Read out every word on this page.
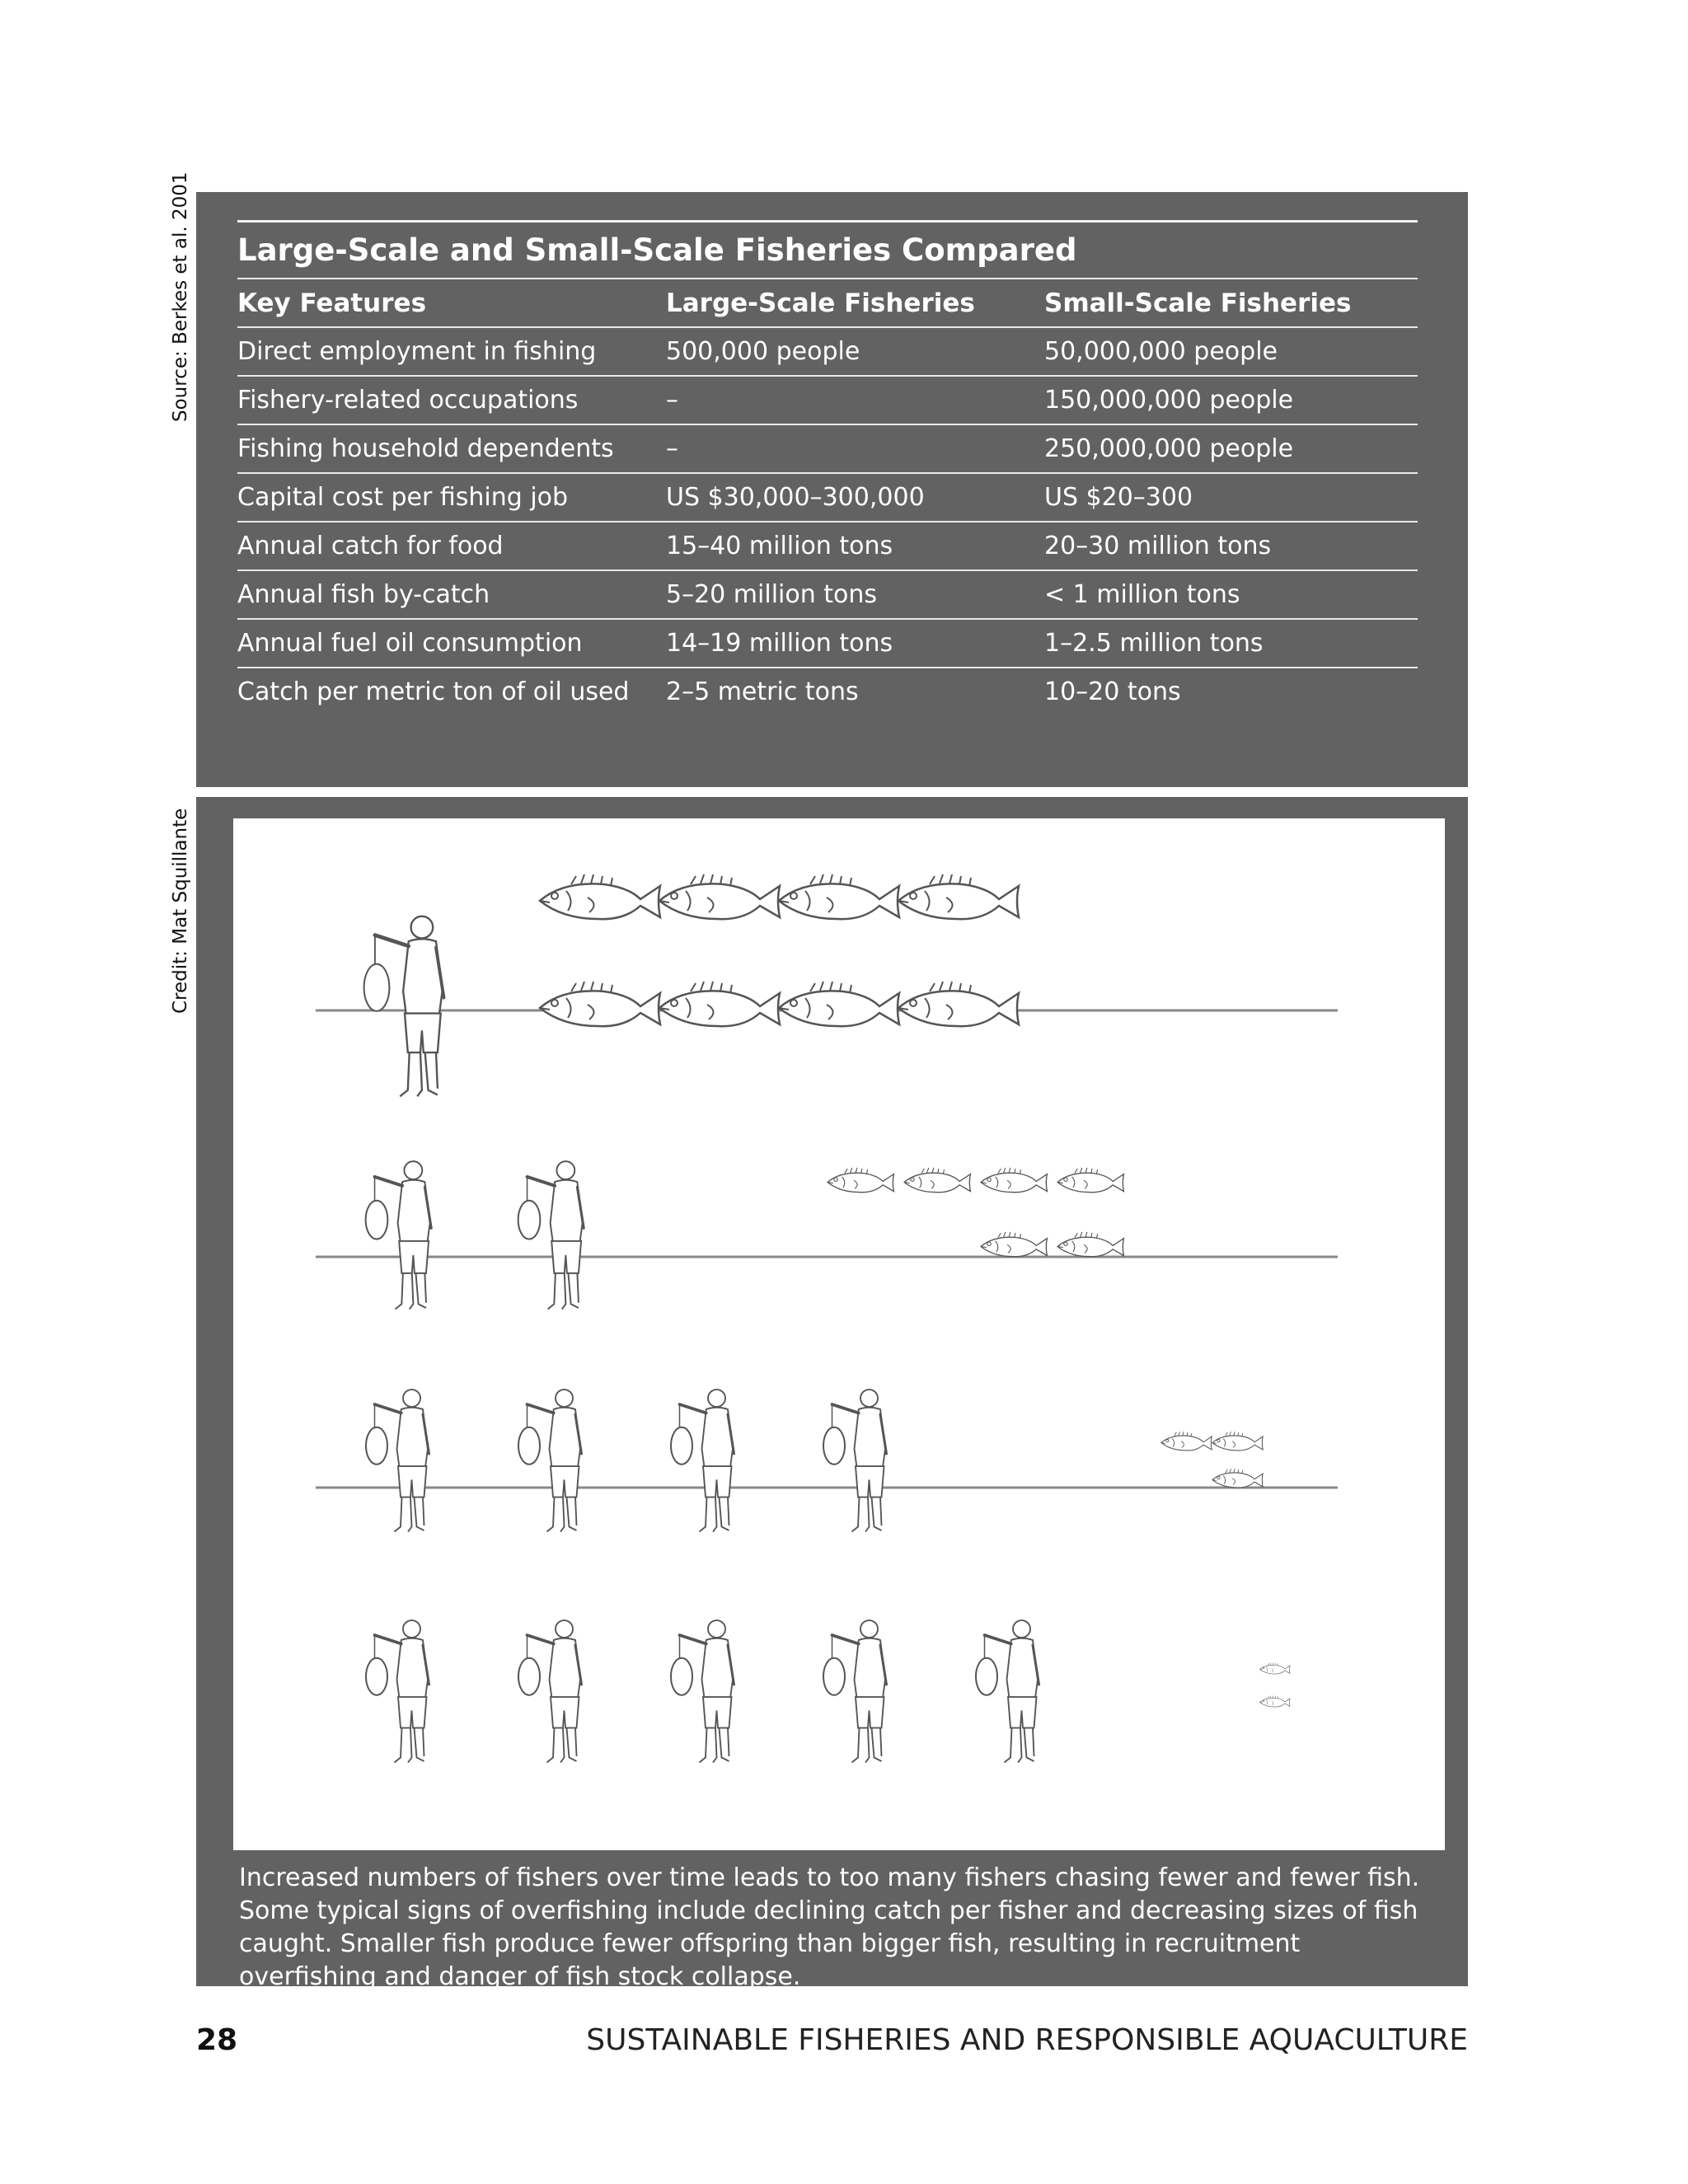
Source: Berkes et al. 2001
Credit: Mat Squillante
Large-Scale and Small-Scale Fisheries Compared
Key Features	Large-Scale Fisheries	Small-Scale Fisheries
Direct employment in fishing	500,000 people	50,000,000 people
Fishery-related occupations	–	150,000,000 people
Fishing household dependents	–	250,000,000 people
Capital cost per fishing job	US $30,000–300,000	US $20–300
Annual catch for food	15–40 million tons	20–30 million tons
Annual fish by-catch	5–20 million tons	< 1 million tons
Annual fuel oil consumption	14–19 million tons	1–2.5 million tons
Catch per metric ton of oil used	2–5 metric tons	10–20 tons
Increased numbers of fishers over time leads to too many fishers chasing fewer and fewer fish. Some typical signs of overfishing include declining catch per fisher and decreasing sizes of fish caught. Smaller fish produce fewer offspring than bigger fish, resulting in recruitment overfishing and danger of fish stock collapse.
28	SUSTAINABLE FISHERIES AND RESPONSIBLE AQUACULTURE
